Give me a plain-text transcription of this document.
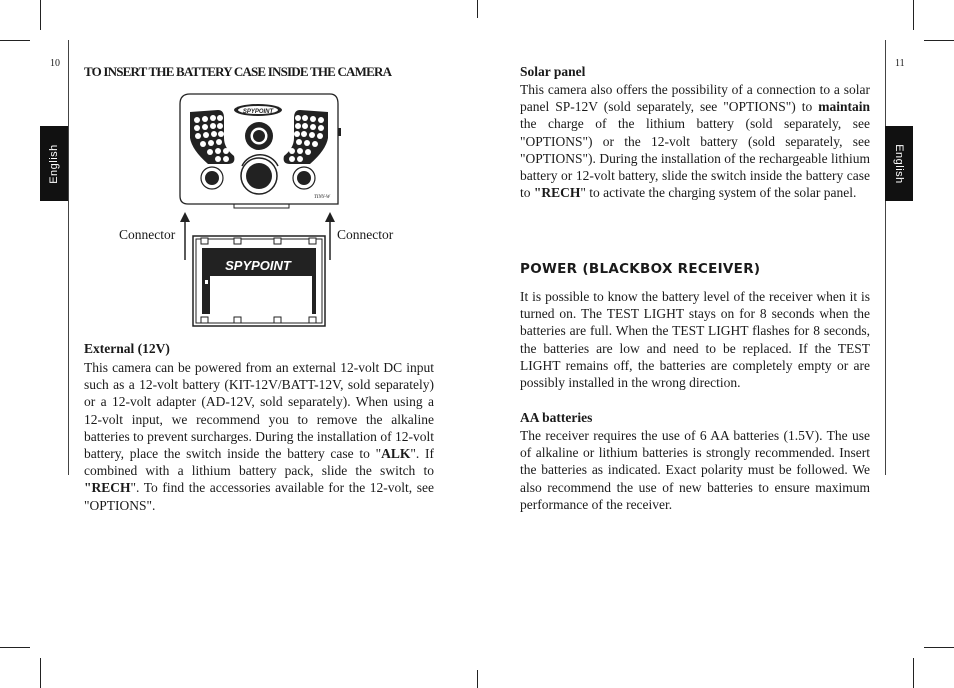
10	11
English	English
TO INSERT THE BATTERY CASE INSIDE THE CAMERA
SPYPOINT
TINY-W
SPYPOINT
Connector	Connector
External (12V)
This camera can be powered from an external 12-volt DC input such as a 12-volt battery (KIT-12V/BATT-12V, sold separately) or a 12-volt adapter (AD-12V, sold separately). When using a 12-volt input, we recommend you to remove the alkaline batteries to prevent surcharges. During the installation of 12-volt battery, place the switch inside the battery case to "ALK". If combined with a lithium battery pack, slide the switch to "RECH". To find the accessories available for the 12-volt, see "OPTIONS".
Solar panel
This camera also offers the possibility of a connection to a solar panel SP-12V (sold separately, see "OPTIONS") to maintain the charge of the lithium battery (sold separately, see "OPTIONS") or the 12-volt battery (sold separately, see "OPTIONS"). During the installation of the rechargeable lithium battery or 12-volt battery, slide the switch inside the battery case to "RECH" to activate the charging system of the solar panel.
POWER (BLACKBOX RECEIVER)
It is possible to know the battery level of the receiver when it is turned on. The TEST LIGHT stays on for 8 seconds when the batteries are full. When the TEST LIGHT flashes for 8 seconds, the batteries are low and need to be replaced. If the TEST LIGHT remains off, the batteries are completely empty or are possibly installed in the wrong direction.
AA batteries
The receiver requires the use of 6 AA batteries (1.5V). The use of alkaline or lithium batteries is strongly recommended. Insert the batteries as indicated. Exact polarity must be followed. We also recommend the use of new batteries to ensure maximum performance of the receiver.
